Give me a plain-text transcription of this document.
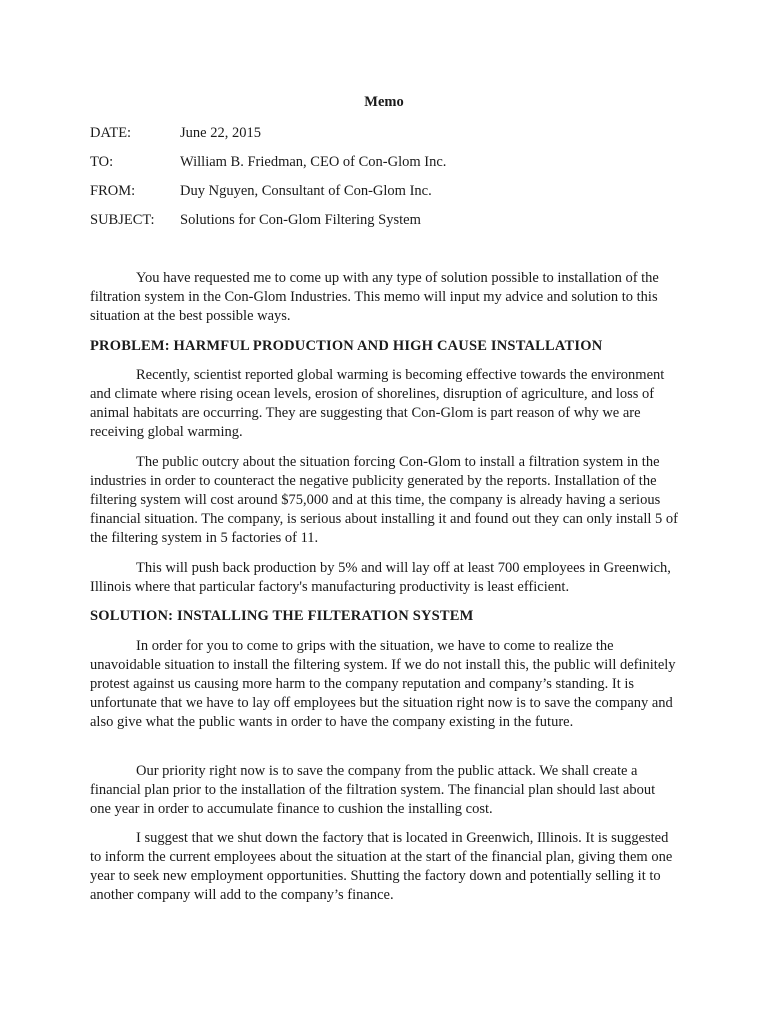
Memo
DATE:	June 22, 2015
TO:	William B. Friedman, CEO of Con-Glom Inc.
FROM:	Duy Nguyen, Consultant of Con-Glom Inc.
SUBJECT: Solutions for Con-Glom Filtering System

You have requested me to come up with any type of solution possible to installation of the filtration system in the Con-Glom Industries. This memo will input my advice and solution to this situation at the best possible ways.

PROBLEM: HARMFUL PRODUCTION AND HIGH CAUSE INSTALLATION

Recently, scientist reported global warming is becoming effective towards the environment and climate where rising ocean levels, erosion of shorelines, disruption of agriculture, and loss of animal habitats are occurring. They are suggesting that Con-Glom is part reason of why we are receiving global warming.

The public outcry about the situation forcing Con-Glom to install a filtration system in the industries in order to counteract the negative publicity generated by the reports. Installation of the filtering system will cost around $75,000 and at this time, the company is already having a serious financial situation. The company, is serious about installing it and found out they can only install 5 of the filtering system in 5 factories of 11.

This will push back production by 5% and will lay off at least 700 employees in Greenwich, Illinois where that particular factory's manufacturing productivity is least efficient.

SOLUTION: INSTALLING THE FILTERATION SYSTEM

In order for you to come to grips with the situation, we have to come to realize the unavoidable situation to install the filtering system. If we do not install this, the public will definitely protest against us causing more harm to the company reputation and company’s standing. It is unfortunate that we have to lay off employees but the situation right now is to save the company and also give what the public wants in order to have the company existing in the future.

Our priority right now is to save the company from the public attack. We shall create a financial plan prior to the installation of the filtration system. The financial plan should last about one year in order to accumulate finance to cushion the installing cost.

I suggest that we shut down the factory that is located in Greenwich, Illinois. It is suggested to inform the current employees about the situation at the start of the financial plan, giving them one year to seek new employment opportunities. Shutting the factory down and potentially selling it to another company will add to the company’s finance.
